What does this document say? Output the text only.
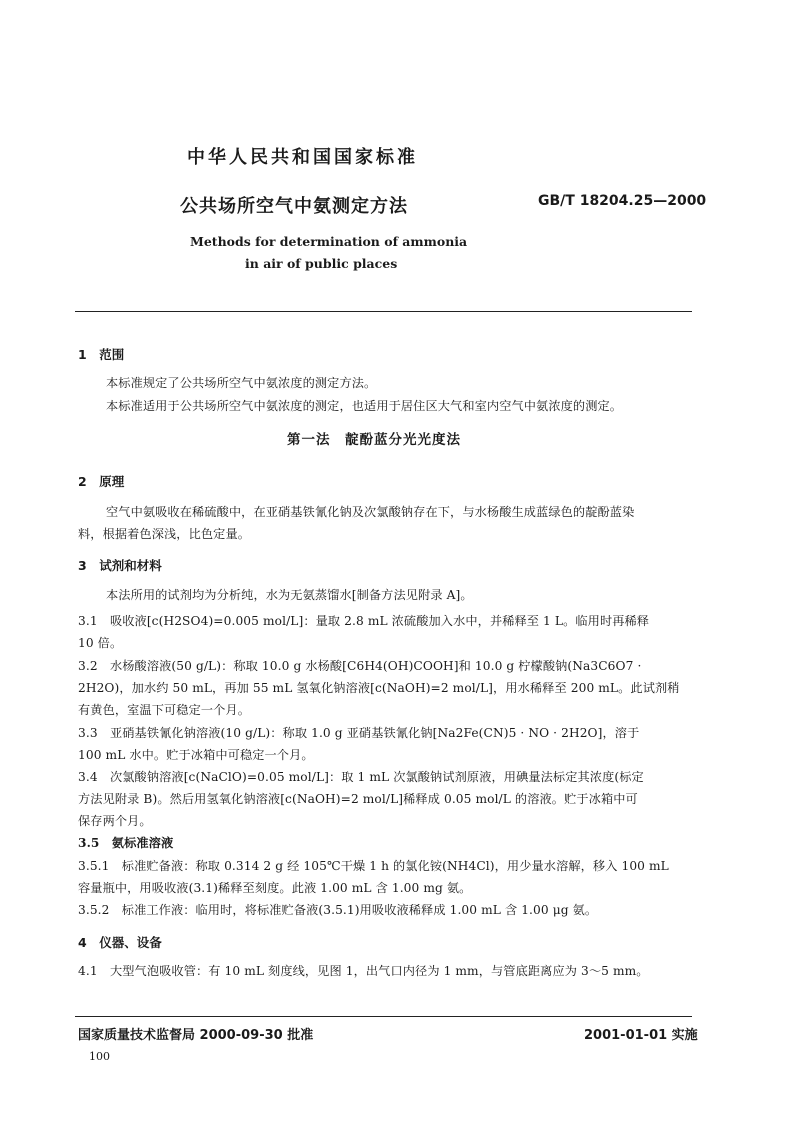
中华人民共和国国家标准
公共场所空气中氨测定方法	GB/T 18204.25—2000
Methods for determination of ammonia
in air of public places
1　范围
本标准规定了公共场所空气中氨浓度的测定方法。
本标准适用于公共场所空气中氨浓度的测定，也适用于居住区大气和室内空气中氨浓度的测定。
第一法　靛酚蓝分光光度法
2　原理
空气中氨吸收在稀硫酸中，在亚硝基铁氰化钠及次氯酸钠存在下，与水杨酸生成蓝绿色的靛酚蓝染
料，根据着色深浅，比色定量。
3　试剂和材料
本法所用的试剂均为分析纯，水为无氨蒸馏水[制备方法见附录 A]。
3.1　吸收液[c(H2SO4)=0.005 mol/L]：量取 2.8 mL 浓硫酸加入水中，并稀释至 1 L。临用时再稀释
10 倍。
3.2　水杨酸溶液(50 g/L)：称取 10.0 g 水杨酸[C6H4(OH)COOH]和 10.0 g 柠檬酸钠(Na3C6O7 ·
2H2O)，加水约 50 mL，再加 55 mL 氢氧化钠溶液[c(NaOH)=2 mol/L]，用水稀释至 200 mL。此试剂稍
有黄色，室温下可稳定一个月。
3.3　亚硝基铁氰化钠溶液(10 g/L)：称取 1.0 g 亚硝基铁氰化钠[Na2Fe(CN)5 · NO · 2H2O]，溶于
100 mL 水中。贮于冰箱中可稳定一个月。
3.4　次氯酸钠溶液[c(NaClO)=0.05 mol/L]：取 1 mL 次氯酸钠试剂原液，用碘量法标定其浓度(标定
方法见附录 B)。然后用氢氧化钠溶液[c(NaOH)=2 mol/L]稀释成 0.05 mol/L 的溶液。贮于冰箱中可
保存两个月。
3.5　氨标准溶液
3.5.1　标准贮备液：称取 0.314 2 g 经 105℃干燥 1 h 的氯化铵(NH4Cl)，用少量水溶解，移入 100 mL
容量瓶中，用吸收液(3.1)稀释至刻度。此液 1.00 mL 含 1.00 mg 氨。
3.5.2　标准工作液：临用时，将标准贮备液(3.5.1)用吸收液稀释成 1.00 mL 含 1.00 μg 氨。
4　仪器、设备
4.1　大型气泡吸收管：有 10 mL 刻度线，见图 1，出气口内径为 1 mm，与管底距离应为 3～5 mm。
国家质量技术监督局 2000-09-30 批准	2001-01-01 实施
100
